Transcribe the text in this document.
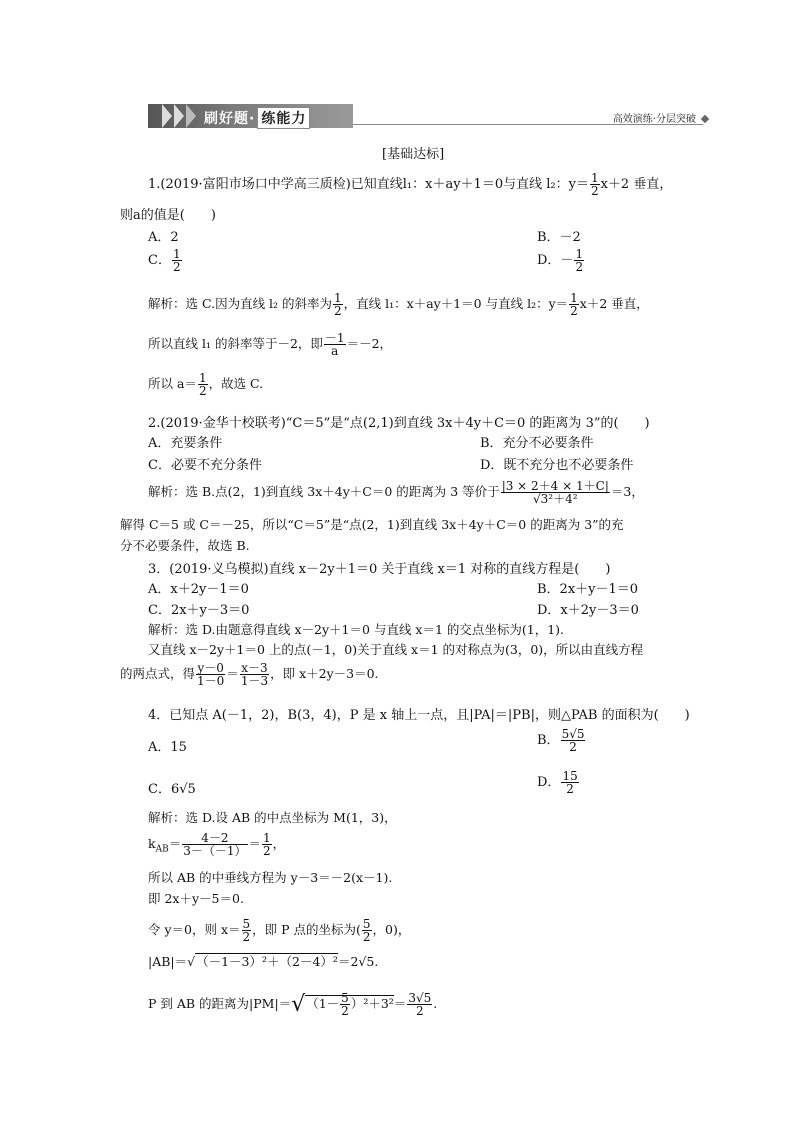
刷好题· 练能力	高效演练·分层突破
[基础达标]
1.(2019·富阳市场口中学高三质检)已知直线l₁：x＋ay＋1＝0与直线 l₂：$y= \frac{1}{2} x+2$ 垂直，
则a的值是(　　)
A．2	B．－2
C． $\frac{1}{2}$	D．－ $\frac{1}{2}$
解析：选 C.因为直线 l₂ 的斜率为 $\frac{1}{2}$ ，直线 l₁：x＋ay＋1＝0 与直线 l₂：$y= \frac{1}{2} x+2$ 垂直，
所以直线 l₁ 的斜率等于－2，即 $\frac{-1}{a} =-2$，
所以 $a= \frac{1}{2}$ ，故选 C.
2.(2019·金华十校联考)“C＝5”是“点(2,1)到直线 3x＋4y＋C＝0 的距离为 3”的(　　)
A．充要条件	B．充分不必要条件
C．必要不充分条件	D．既不充分也不必要条件
解析：选 B.点(2，1)到直线 3x＋4y＋C＝0 的距离为 3 等价于 $\frac{|3 \times 2+4 \times 1+C|}{\text{√3²＋4²}} =3$，
解得 C＝5 或 C＝－25，所以“C＝5”是“点(2，1)到直线 3x＋4y＋C＝0 的距离为 3”的充
分不必要条件，故选 B.
3．(2019·义乌模拟)直线 x－2y＋1＝0 关于直线 x＝1 对称的直线方程是(　　)
A．x＋2y－1＝0	B．2x＋y－1＝0
C．2x＋y－3＝0	D．x＋2y－3＝0
解析：选 D.由题意得直线 x－2y＋1＝0 与直线 x＝1 的交点坐标为(1，1).
又直线 x－2y＋1＝0 上的点(－1，0)关于直线 x＝1 的对称点为(3，0)，所以由直线方程
的两点式，得 $\frac{y-0}{1-0} = \frac{x-3}{1-3}$ ，即 x＋2y－3＝0.
4．已知点 A(－1，2)，B(3，4)，P 是 x 轴上一点，且|PA|＝|PB|，则△PAB 的面积为(　　)
A．15	B． $\frac{5√5}{2}$
C．6√5	D． $\frac{15}{2}$
解析：选 D.设 AB 的中点坐标为 M(1，3)，
$k_{AB}= \frac{4-2}{3-(-1)} = \frac{1}{2}$ ，
所以 AB 的中垂线方程为 y－3＝－2(x－1).
即 2x＋y－5＝0.
令 y＝0，则 $x= \frac{5}{2}$ ，即 P 点的坐标为( $\frac{5}{2}$ ，0)，
|AB|＝√（－1－3）²＋（2－4）²＝2√5.
P 到 AB 的距离为$|PM|=√(1- \frac{5}{2} )^2+3^2= \frac{3√5}{2}$ .
